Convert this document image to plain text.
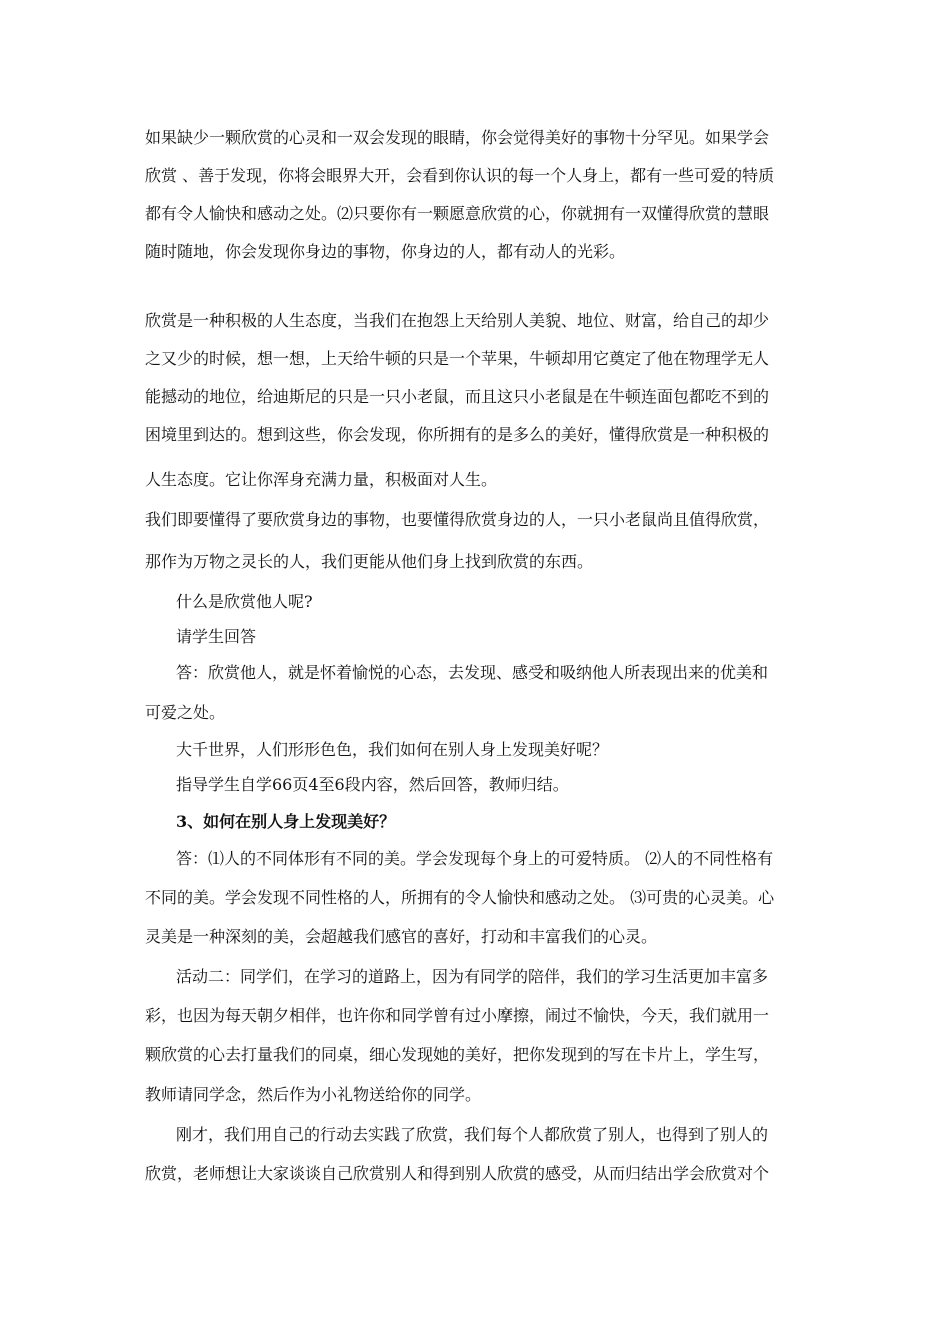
如果缺少一颗欣赏的心灵和一双会发现的眼睛，你会觉得美好的事物十分罕见。如果学会
欣赏 、善于发现，你将会眼界大开，会看到你认识的每一个人身上，都有一些可爱的特质
都有令人愉快和感动之处。⑵只要你有一颗愿意欣赏的心，你就拥有一双懂得欣赏的慧眼
随时随地，你会发现你身边的事物，你身边的人，都有动人的光彩。
欣赏是一种积极的人生态度，当我们在抱怨上天给别人美貌、地位、财富，给自己的却少
之又少的时候，想一想，上天给牛顿的只是一个苹果，牛顿却用它奠定了他在物理学无人
能撼动的地位，给迪斯尼的只是一只小老鼠，而且这只小老鼠是在牛顿连面包都吃不到的
困境里到达的。想到这些，你会发现，你所拥有的是多么的美好，懂得欣赏是一种积极的
人生态度。它让你浑身充满力量，积极面对人生。
我们即要懂得了要欣赏身边的事物，也要懂得欣赏身边的人，一只小老鼠尚且值得欣赏，
那作为万物之灵长的人，我们更能从他们身上找到欣赏的东西。
什么是欣赏他人呢?
请学生回答
答：欣赏他人，就是怀着愉悦的心态，去发现、感受和吸纳他人所表现出来的优美和
可爱之处。
大千世界，人们形形色色，我们如何在别人身上发现美好呢？
指导学生自学66页4至6段内容，然后回答，教师归结。
3、如何在别人身上发现美好？
答：⑴人的不同体形有不同的美。学会发现每个身上的可爱特质。 ⑵人的不同性格有
不同的美。学会发现不同性格的人，所拥有的令人愉快和感动之处。 ⑶可贵的心灵美。心
灵美是一种深刻的美，会超越我们感官的喜好，打动和丰富我们的心灵。
活动二：同学们，在学习的道路上，因为有同学的陪伴，我们的学习生活更加丰富多
彩，也因为每天朝夕相伴，也许你和同学曾有过小摩擦，闹过不愉快，今天，我们就用一
颗欣赏的心去打量我们的同桌，细心发现她的美好，把你发现到的写在卡片上，学生写，
教师请同学念，然后作为小礼物送给你的同学。
刚才，我们用自己的行动去实践了欣赏，我们每个人都欣赏了别人，也得到了别人的
欣赏，老师想让大家谈谈自己欣赏别人和得到别人欣赏的感受，从而归结出学会欣赏对个
